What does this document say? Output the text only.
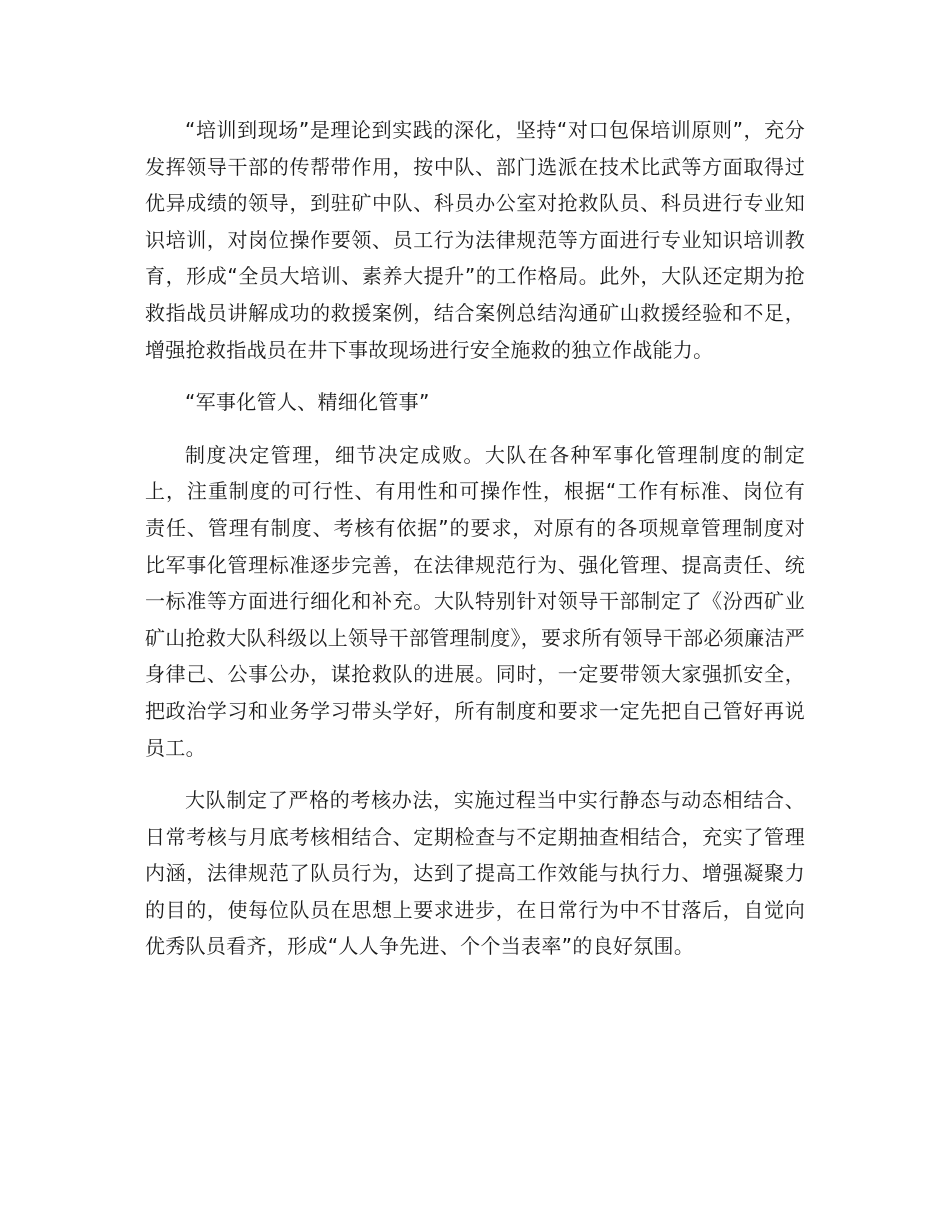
“培训到现场”是理论到实践的深化，坚持“对口包保培训原则”，充分发挥领导干部的传帮带作用，按中队、部门选派在技术比武等方面取得过优异成绩的领导，到驻矿中队、科员办公室对抢救队员、科员进行专业知识培训，对岗位操作要领、员工行为法律规范等方面进行专业知识培训教育，形成“全员大培训、素养大提升”的工作格局。此外，大队还定期为抢救指战员讲解成功的救援案例，结合案例总结沟通矿山救援经验和不足，增强抢救指战员在井下事故现场进行安全施救的独立作战能力。

“军事化管人、精细化管事”

制度决定管理，细节决定成败。大队在各种军事化管理制度的制定上，注重制度的可行性、有用性和可操作性，根据“工作有标准、岗位有责任、管理有制度、考核有依据”的要求，对原有的各项规章管理制度对比军事化管理标准逐步完善，在法律规范行为、强化管理、提高责任、统一标准等方面进行细化和补充。大队特别针对领导干部制定了《汾西矿业矿山抢救大队科级以上领导干部管理制度》，要求所有领导干部必须廉洁严身律己、公事公办，谋抢救队的进展。同时，一定要带领大家强抓安全，把政治学习和业务学习带头学好，所有制度和要求一定先把自己管好再说员工。

大队制定了严格的考核办法，实施过程当中实行静态与动态相结合、日常考核与月底考核相结合、定期检查与不定期抽查相结合，充实了管理内涵，法律规范了队员行为，达到了提高工作效能与执行力、增强凝聚力的目的，使每位队员在思想上要求进步，在日常行为中不甘落后，自觉向优秀队员看齐，形成“人人争先进、个个当表率”的良好氛围。
